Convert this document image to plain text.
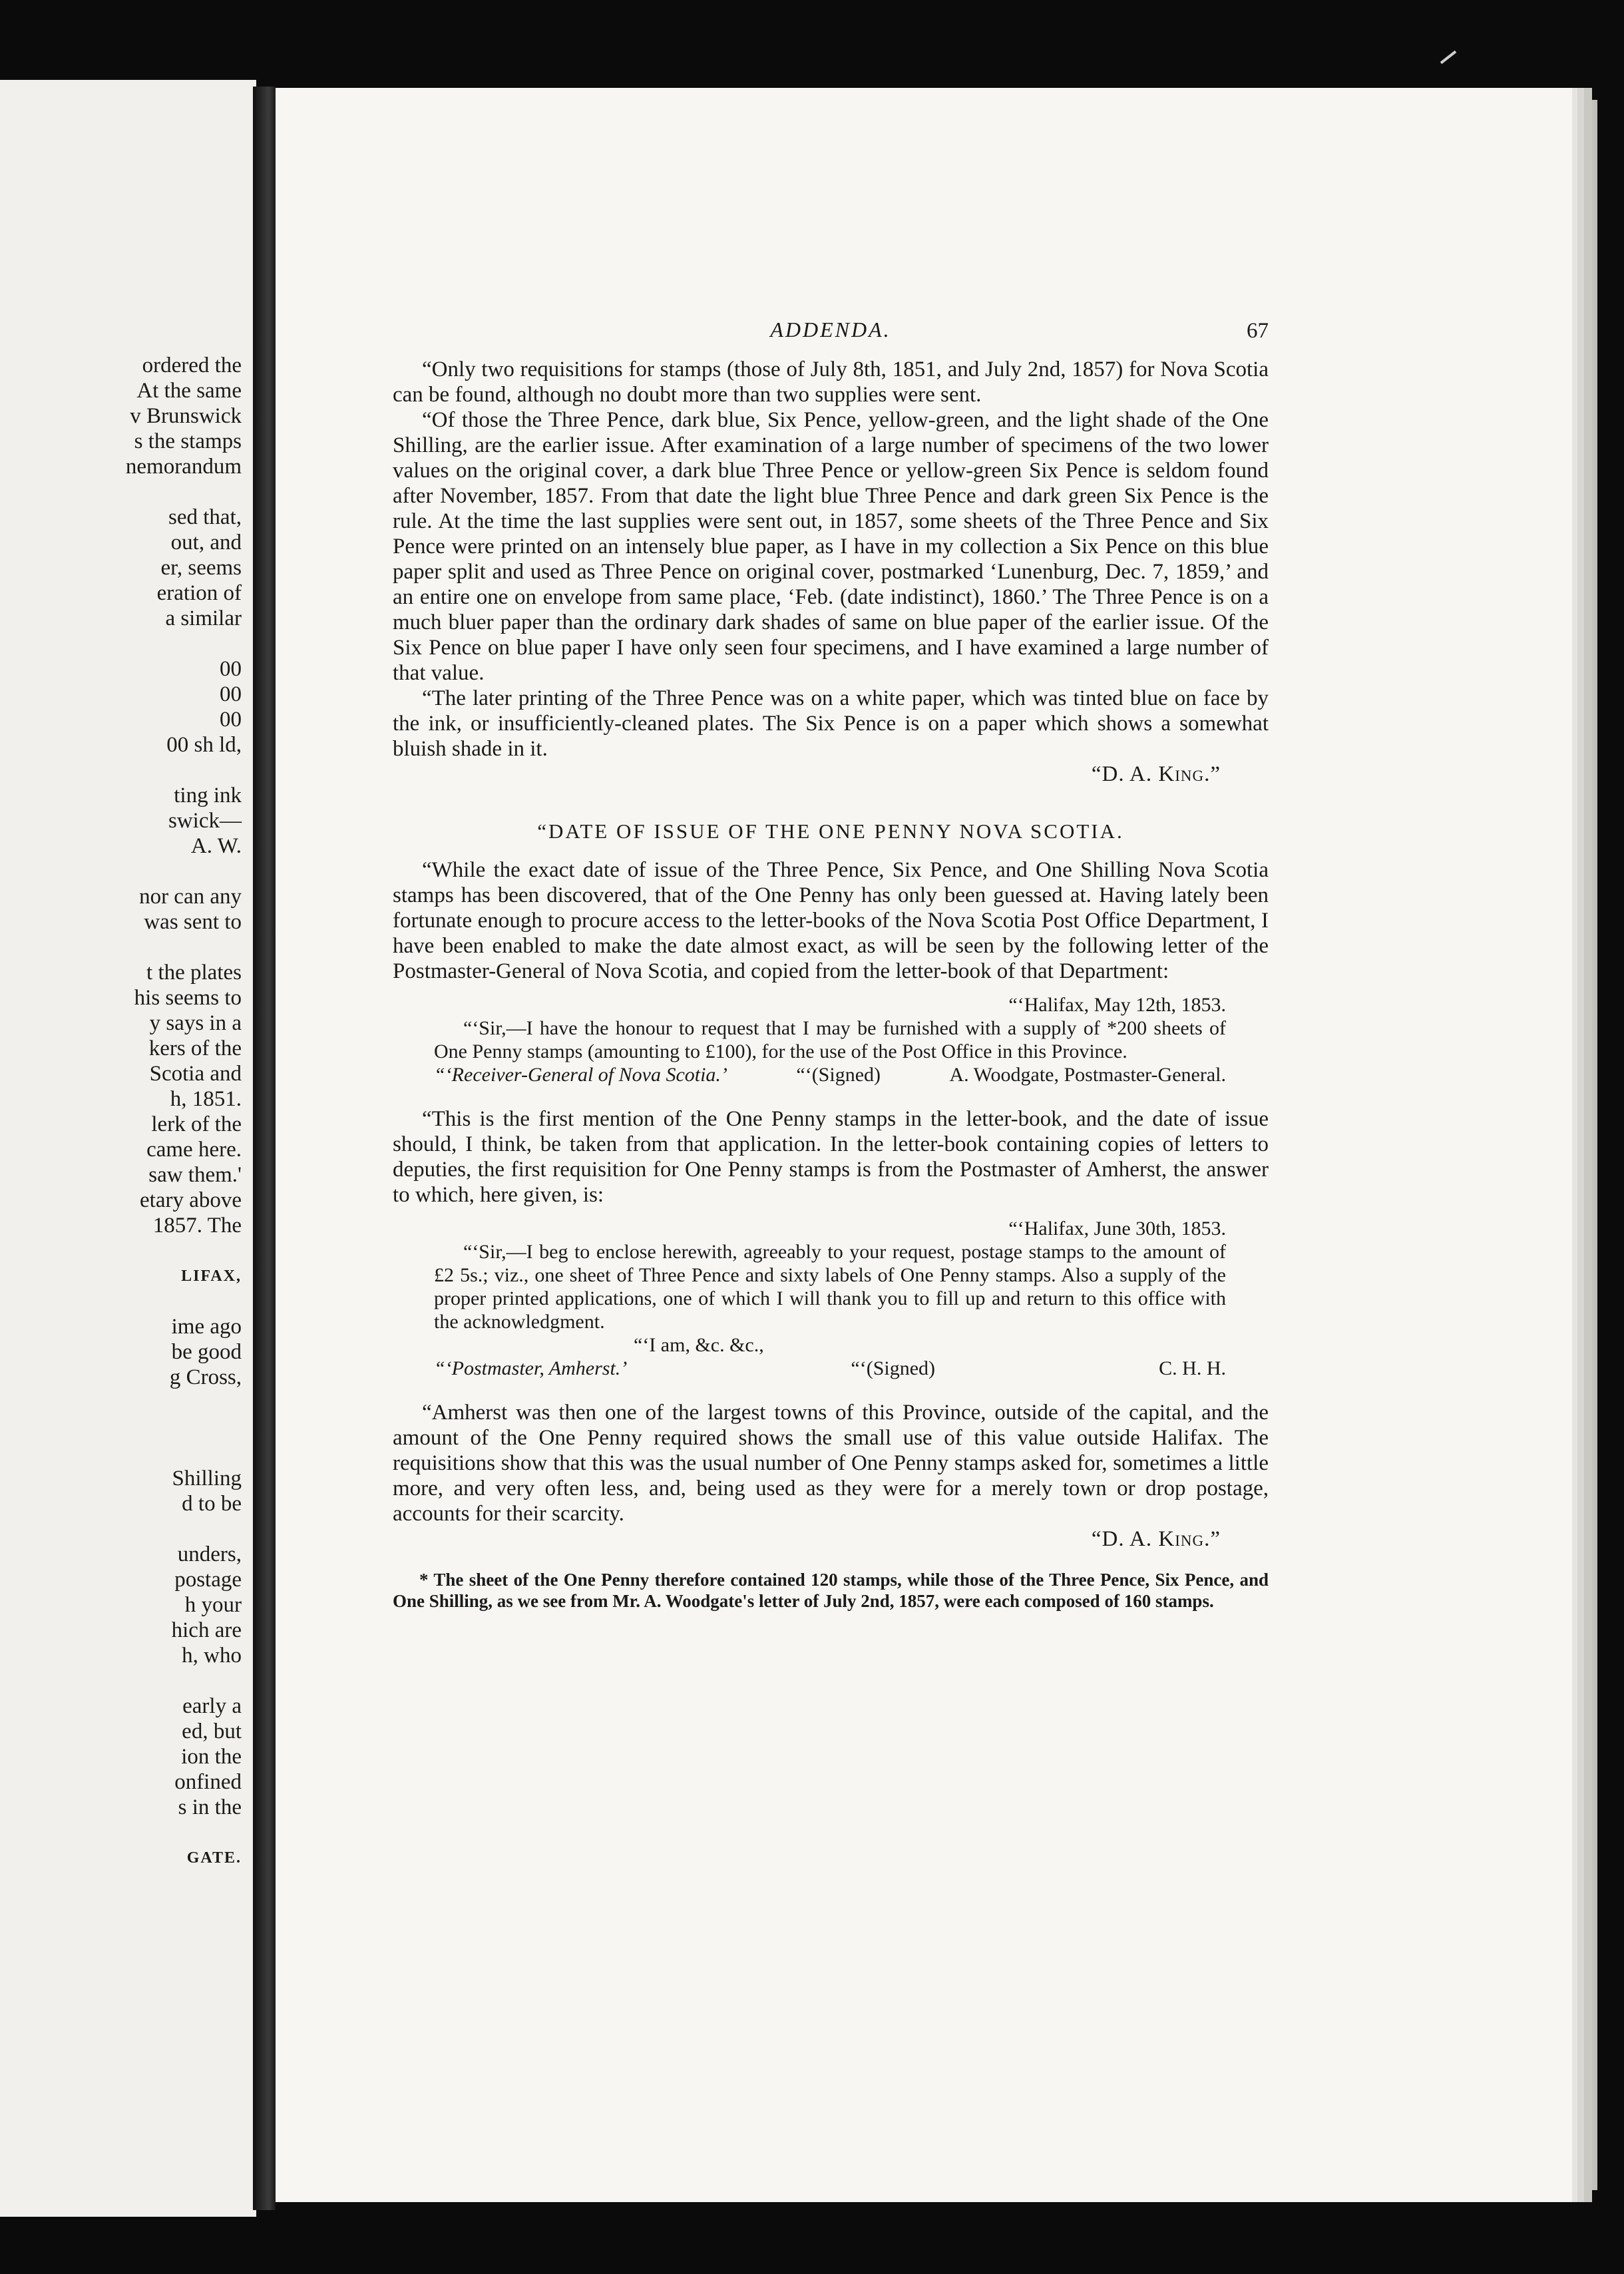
ordered the
At the same
v Brunswick
s the stamps
nemorandum
sed that,
out, and
er, seems
eration of
a similar
00
00
00
00 sh ld,
ting ink
swick—
A. W.
nor can any
was sent to
t the plates
his seems to
y says in a
kers of the
Scotia and
h, 1851.
lerk of the
came here.
saw them.'
etary above
1857. The
LIFAX,
ime ago
be good
g Cross,
Shilling
d to be
unders,
postage
h your
hich are
h, who
early a
ed, but
ion the
onfined
s in the
GATE.
ADDENDA.	67

“Only two requisitions for stamps (those of July 8th, 1851, and July 2nd, 1857) for Nova Scotia can be found, although no doubt more than two supplies were sent.

“Of those the Three Pence, dark blue, Six Pence, yellow-green, and the light shade of the One Shilling, are the earlier issue. After examination of a large number of specimens of the two lower values on the original cover, a dark blue Three Pence or yellow-green Six Pence is seldom found after November, 1857. From that date the light blue Three Pence and dark green Six Pence is the rule. At the time the last supplies were sent out, in 1857, some sheets of the Three Pence and Six Pence were printed on an intensely blue paper, as I have in my collection a Six Pence on this blue paper split and used as Three Pence on original cover, postmarked ‘Lunenburg, Dec. 7, 1859,’ and an entire one on envelope from same place, ‘Feb. (date indistinct), 1860.’ The Three Pence is on a much bluer paper than the ordinary dark shades of same on blue paper of the earlier issue. Of the Six Pence on blue paper I have only seen four specimens, and I have examined a large number of that value.

“The later printing of the Three Pence was on a white paper, which was tinted blue on face by the ink, or insufficiently-cleaned plates. The Six Pence is on a paper which shows a somewhat bluish shade in it.

“D. A. King.”

“DATE OF ISSUE OF THE ONE PENNY NOVA SCOTIA.

“While the exact date of issue of the Three Pence, Six Pence, and One Shilling Nova Scotia stamps has been discovered, that of the One Penny has only been guessed at. Having lately been fortunate enough to procure access to the letter-books of the Nova Scotia Post Office Department, I have been enabled to make the date almost exact, as will be seen by the following letter of the Postmaster-General of Nova Scotia, and copied from the letter-book of that Department:

“‘Halifax, May 12th, 1853.

“‘Sir,—I have the honour to request that I may be furnished with a supply of *200 sheets of One Penny stamps (amounting to £100), for the use of the Post Office in this Province.

“‘Receiver-General of Nova Scotia.’	“‘(Signed)	A. Woodgate, Postmaster-General.

“This is the first mention of the One Penny stamps in the letter-book, and the date of issue should, I think, be taken from that application. In the letter-book containing copies of letters to deputies, the first requisition for One Penny stamps is from the Postmaster of Amherst, the answer to which, here given, is:

“‘Halifax, June 30th, 1853.

“‘Sir,—I beg to enclose herewith, agreeably to your request, postage stamps to the amount of £2 5s.; viz., one sheet of Three Pence and sixty labels of One Penny stamps. Also a supply of the proper printed applications, one of which I will thank you to fill up and return to this office with the acknowledgment.

“‘I am, &c. &c.,
“‘Postmaster, Amherst.’	“‘(Signed)	C. H. H.

“Amherst was then one of the largest towns of this Province, outside of the capital, and the amount of the One Penny required shows the small use of this value outside Halifax. The requisitions show that this was the usual number of One Penny stamps asked for, sometimes a little more, and very often less, and, being used as they were for a merely town or drop postage, accounts for their scarcity.

“D. A. King.”

* The sheet of the One Penny therefore contained 120 stamps, while those of the Three Pence, Six Pence, and One Shilling, as we see from Mr. A. Woodgate's letter of July 2nd, 1857, were each composed of 160 stamps.
